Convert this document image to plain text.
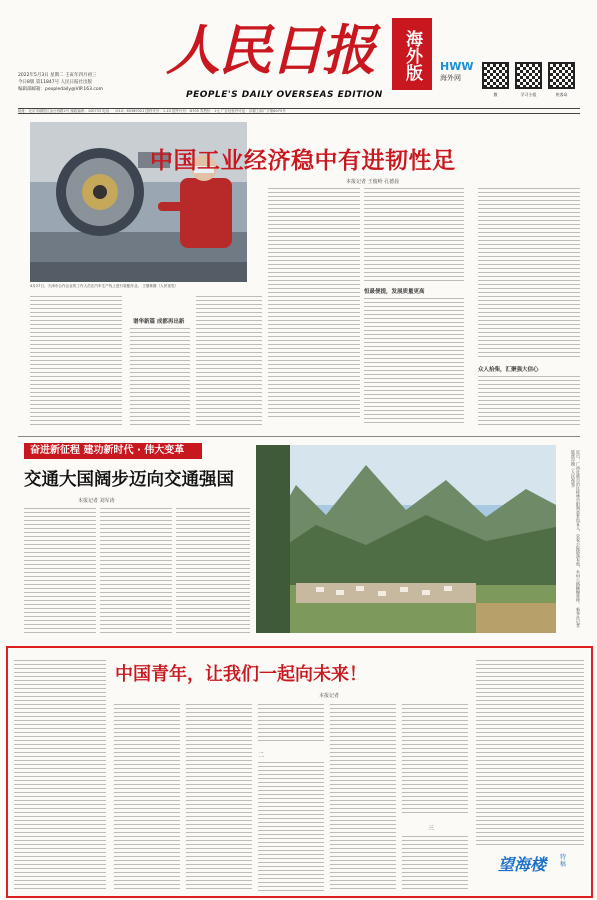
2022年5月3日 星期二 壬寅年四月初三
今日8版 第11847号 人民日报社出版
编辑部邮箱：peopledaily@VIP.163.com
人民日报	海外版
PEOPLE'S DAILY OVERSEAS EDITION
HWW
海外网
微	学习小组	侠客岛
地址：北京市朝阳区金台西路2号 邮政编码：100733 电话：（010）65369321 国内代号：1-10 国外代号：D705 零售价：1元 广告经营许可证：京朝工商广字第8075号
中国工业经济稳中有进韧性足
本报记者 王俊岭 孔德晨
4月27日，天津市合作企业的工作人员在汽车生产线上进行装配作业。 王继林摄（人民视觉）
谱华新篇 成都再出新
恒最便提，发展质量更高
众人拾柴，汇聚强大信心
奋进新征程 建功新时代 · 伟大变革
交通大国阔步迈向交通强国
本报记者 刘军涛	近日，广西壮族自治区桂林市阳朔县景色宜人，农家小院错落有致，乡村公路蜿蜒延伸。 新华社记者 陆波岸摄（人民视觉）
中国青年，让我们一起向未来！
本报记者
二
三
望海楼	特稿
